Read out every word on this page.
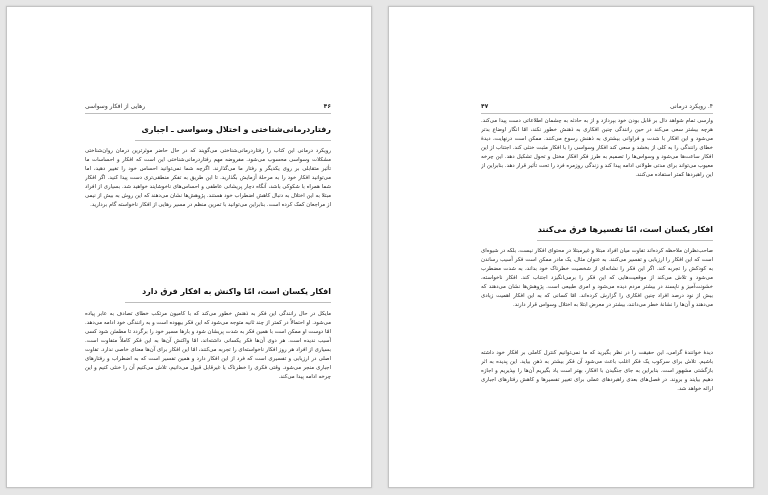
۴۶
رهایی از افکار وسواسی
رفتاردرمانی‌شناختی و اختلال وسواسی ـ اجباری

رویکرد درمانی این کتاب را رفتاردرمانی‌شناختی می‌گویند که در حال حاضر موثرترین درمان روان‌شناختی مشکلات وسواسی محسوب می‌شود. مفروضه مهم رفتاردرمانی‌شناختی این است که افکار و احساسات ما تأثیر متقابلی بر روی یکدیگر و رفتار ما می‌گذارند. اگرچه شما نمی‌توانید احساس خود را تغییر دهید، اما می‌توانید افکار خود را به مرحلهٔ آزمایش بگذارید. تا این طریق به تفکر منطقی‌تری دست پیدا کنید. اگر افکار شما همراه با شکوکی باشد، آنگاه دچار پریشانی عاطفی و احساس‌های ناخوشایند خواهید شد. بسیاری از افراد مبتلا به این اختلال به دنبال کاهش اضطراب خود هستند. پژوهش‌ها نشان می‌دهند که این روش به بیش از نیمی از مراجعان کمک کرده است. بنابراین می‌توانید با تمرین منظم در مسیر رهایی از افکار ناخواسته گام بردارید.

افکار یکسان است، امّا واکنش به افکار فرق دارد

مایکل در حال رانندگی این فکر به ذهنش خطور می‌کند که با کامیون مرتکب خطای تصادف به عابر پیاده می‌شود. او احتمالاً در کمتر از چند ثانیه متوجه می‌شود که این فکر بیهوده است و به رانندگی خود ادامه می‌دهد. امّا دوست او ممکن است با همین فکر به شدت پریشان شود و بارها مسیر خود را برگردد تا مطمئن شود کسی آسیب ندیده است. هر دوی آن‌ها فکر یکسانی داشته‌اند، امّا واکنش آن‌ها به این فکر کاملاً متفاوت است. بسیاری از افراد هر روز افکار ناخواسته‌ای را تجربه می‌کنند، امّا این افکار برای آن‌ها معنای خاصی ندارد. تفاوت اصلی در ارزیابی و تفسیری است که فرد از این افکار دارد و همین تفسیر است که به اضطراب و رفتارهای اجباری منجر می‌شود. وقتی فکری را خطرناک یا غیرقابل قبول می‌دانیم، تلاش می‌کنیم آن را خنثی کنیم و این چرخه ادامه پیدا می‌کند.

۴. رویکرد درمانی
۴۷

وارسی تمام شواهد دال بر قابل بودن خود بپردازد و از به حادثه به چشمان اطلاعاتی دست پیدا می‌کند. هرچه بیشتر سعی می‌کند در حین رانندگی چنین افکاری به ذهنش خطور نکند، امّا انگار اوضاع بدتر می‌شود و این افکار با شدت و فراوانی بیشتری به ذهنش رسوخ می‌کنند. ممکن است درنهایت، دیدهٔ خطای رانندگی را به کلی از بخشد و سعی کند افکار وسواسی را با افکار مثبت خنثی کند. اجتناب از این افکار ساعت‌ها می‌شود و وسواس‌ها را تصمیم به طرز فکر افکار مختل و تحول تشکیل دهد. این چرخه معیوب می‌تواند برای مدتی طولانی ادامه پیدا کند و زندگی روزمره فرد را تحت تأثیر قرار دهد. بنابراین از این راهبردها کمتر استفاده می‌کنند.

افکار یکسان است، امّا تفسیرها فرق می‌کنند

صاحب‌نظران ملاحظه کرده‌اند تفاوت میان افراد مبتلا و غیرمبتلا در محتوای افکار نیست، بلکه در شیوه‌ای است که این افکار را ارزیابی و تفسیر می‌کنند. به عنوان مثال، یک مادر ممکن است فکر آسیب رساندن به کودکش را تجربه کند. اگر این فکر را نشانه‌ای از شخصیت خطرناک خود بداند، به شدت مضطرب می‌شود و تلاش می‌کند از موقعیت‌هایی که این فکر را برمی‌انگیزد اجتناب کند. افکار ناخواسته، خشونت‌آمیز و ناپسند در بیشتر مردم دیده می‌شود و امری طبیعی است. پژوهش‌ها نشان می‌دهند که بیش از نود درصد افراد چنین افکاری را گزارش کرده‌اند. امّا کسانی که به این افکار اهمیت زیادی می‌دهند و آن‌ها را نشانهٔ خطر می‌دانند، بیشتر در معرض ابتلا به اختلال وسواس قرار دارند.

دیدهٔ خوانندهٔ گرامی، این حقیقت را در نظر بگیرید که ما نمی‌توانیم کنترل کاملی بر افکار خود داشته باشیم. تلاش برای سرکوب یک فکر اغلب باعث می‌شود آن فکر بیشتر به ذهن بیاید. این پدیده به اثر بازگشتی مشهور است. بنابراین به جای جنگیدن با افکار، بهتر است یاد بگیریم آن‌ها را بپذیریم و اجازه دهیم بیایند و بروند. در فصل‌های بعدی راهبردهای عملی برای تغییر تفسیرها و کاهش رفتارهای اجباری ارائه خواهد شد.
